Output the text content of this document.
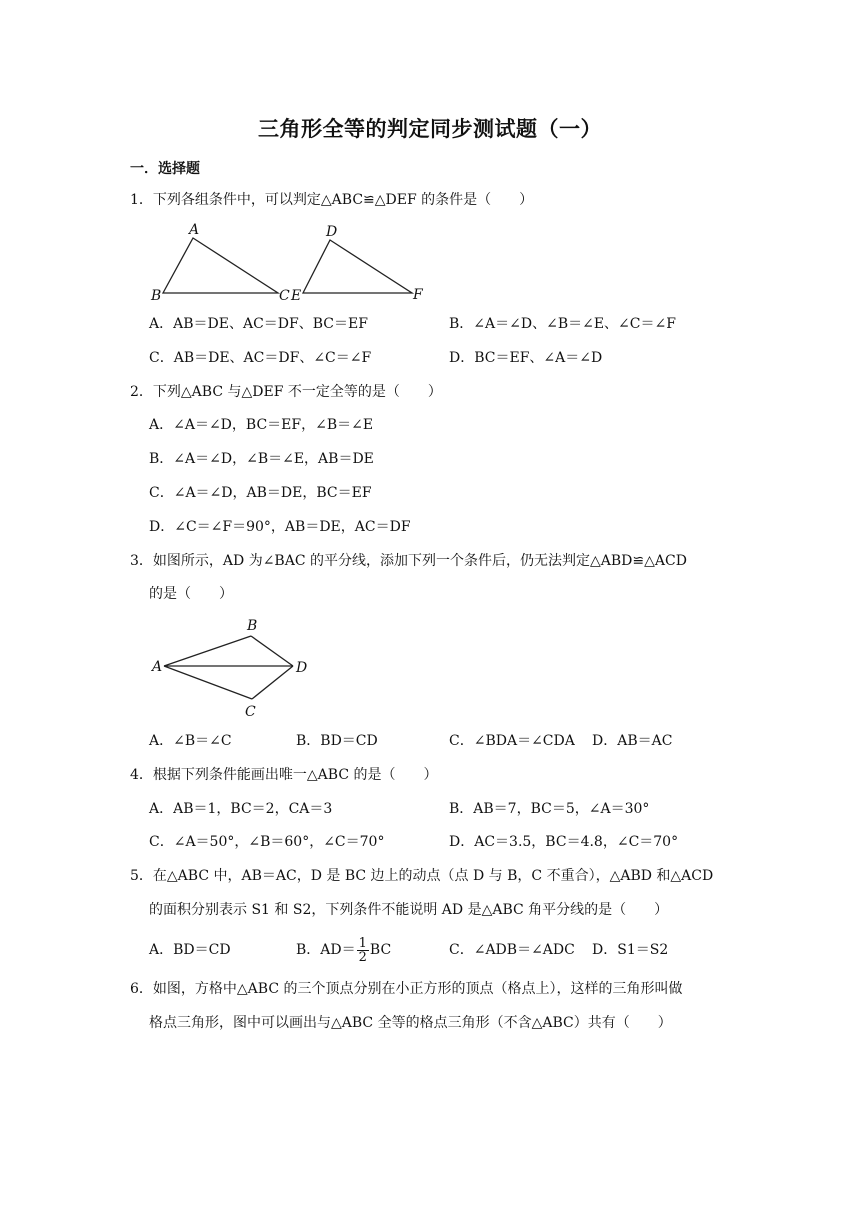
三角形全等的判定同步测试题（一）
一．选择题
1．下列各组条件中，可以判定△ABC≌△DEF 的条件是（　　）
A
B	C
D
E	F
A．AB＝DE、AC＝DF、BC＝EF	B．∠A＝∠D、∠B＝∠E、∠C＝∠F
C．AB＝DE、AC＝DF、∠C＝∠F	D．BC＝EF、∠A＝∠D
2．下列△ABC 与△DEF 不一定全等的是（　　）
A．∠A＝∠D，BC＝EF，∠B＝∠E
B．∠A＝∠D，∠B＝∠E，AB＝DE
C．∠A＝∠D，AB＝DE，BC＝EF
D．∠C＝∠F＝90°，AB＝DE，AC＝DF
3．如图所示，AD 为∠BAC 的平分线，添加下列一个条件后，仍无法判定△ABD≌△ACD
的是（　　）
A
B
C
D
A．∠B＝∠C	B．BD＝CD	C．∠BDA＝∠CDA D．AB＝AC
4．根据下列条件能画出唯一△ABC 的是（　　）
A．AB＝1，BC＝2，CA＝3	B．AB＝7，BC＝5，∠A＝30°
C．∠A＝50°，∠B＝60°，∠C＝70°	D．AC＝3.5，BC＝4.8，∠C＝70°
5．在△ABC 中，AB＝AC，D 是 BC 边上的动点（点 D 与 B，C 不重合），△ABD 和△ACD
的面积分别表示 S1 和 S2，下列条件不能说明 AD 是△ABC 角平分线的是（　　）
A．BD＝CD	B．$AD= \frac{1}{2}$ BC	C．∠ADB＝∠ADC D．S1＝S2
6．如图，方格中△ABC 的三个顶点分别在小正方形的顶点（格点上），这样的三角形叫做
格点三角形，图中可以画出与△ABC 全等的格点三角形（不含△ABC）共有（　　）
